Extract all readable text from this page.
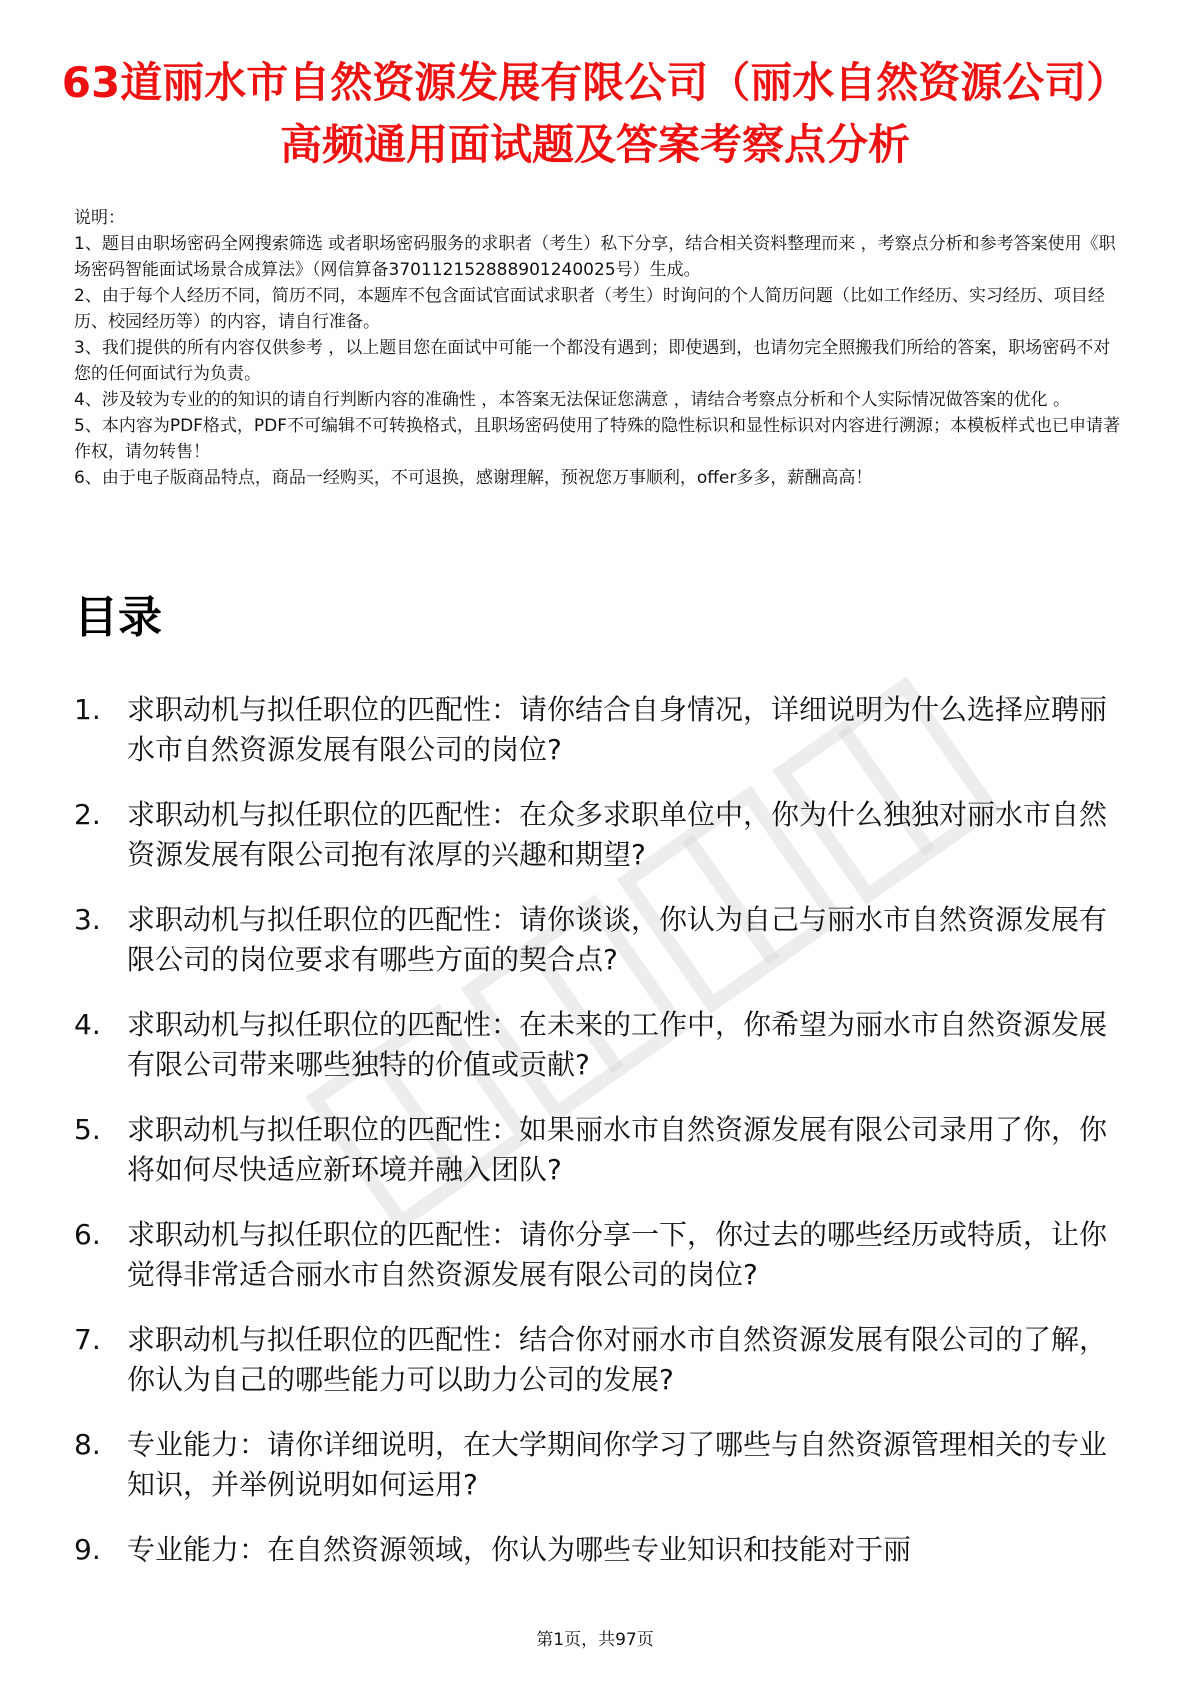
63道丽水市自然资源发展有限公司（丽水自然资源公司）高频通用面试题及答案考察点分析

说明：

1、题目由职场密码全网搜索筛选 或者职场密码服务的求职者（考生）私下分享，结合相关资料整理而来 ，考察点分析和参考答案使用《职场密码智能面试场景合成算法》（网信算备370112152888901240025号）生成。

2、由于每个人经历不同，简历不同，本题库不包含面试官面试求职者（考生）时询问的个人简历问题（比如工作经历、实习经历、项目经历、校园经历等）的内容，请自行准备。

3、我们提供的所有内容仅供参考 ，以上题目您在面试中可能一个都没有遇到；即使遇到，也请勿完全照搬我们所给的答案，职场密码不对您的任何面试行为负责。

4、涉及较为专业的的知识的请自行判断内容的准确性 ，本答案无法保证您满意 ，请结合考察点分析和个人实际情况做答案的优化 。

5、本内容为PDF格式，PDF不可编辑不可转换格式，且职场密码使用了特殊的隐性标识和显性标识对内容进行溯源；本模板样式也已申请著作权，请勿转售！

6、由于电子版商品特点，商品一经购买，不可退换，感谢理解，预祝您万事顺利，offer多多，薪酬高高！

目录
1. 求职动机与拟任职位的匹配性：请你结合自身情况，详细说明为什么选择应聘丽水市自然资源发展有限公司的岗位?
2. 求职动机与拟任职位的匹配性：在众多求职单位中，你为什么独独对丽水市自然资源发展有限公司抱有浓厚的兴趣和期望?
3. 求职动机与拟任职位的匹配性：请你谈谈，你认为自己与丽水市自然资源发展有限公司的岗位要求有哪些方面的契合点?
4. 求职动机与拟任职位的匹配性：在未来的工作中，你希望为丽水市自然资源发展有限公司带来哪些独特的价值或贡献?
5. 求职动机与拟任职位的匹配性：如果丽水市自然资源发展有限公司录用了你，你将如何尽快适应新环境并融入团队?
6. 求职动机与拟任职位的匹配性：请你分享一下，你过去的哪些经历或特质，让你觉得非常适合丽水市自然资源发展有限公司的岗位?
7. 求职动机与拟任职位的匹配性：结合你对丽水市自然资源发展有限公司的了解，你认为自己的哪些能力可以助力公司的发展?
8. 专业能力：请你详细说明，在大学期间你学习了哪些与自然资源管理相关的专业知识，并举例说明如何运用?
9. 专业能力：在自然资源领域，你认为哪些专业知识和技能对于丽
第1页，共97页
